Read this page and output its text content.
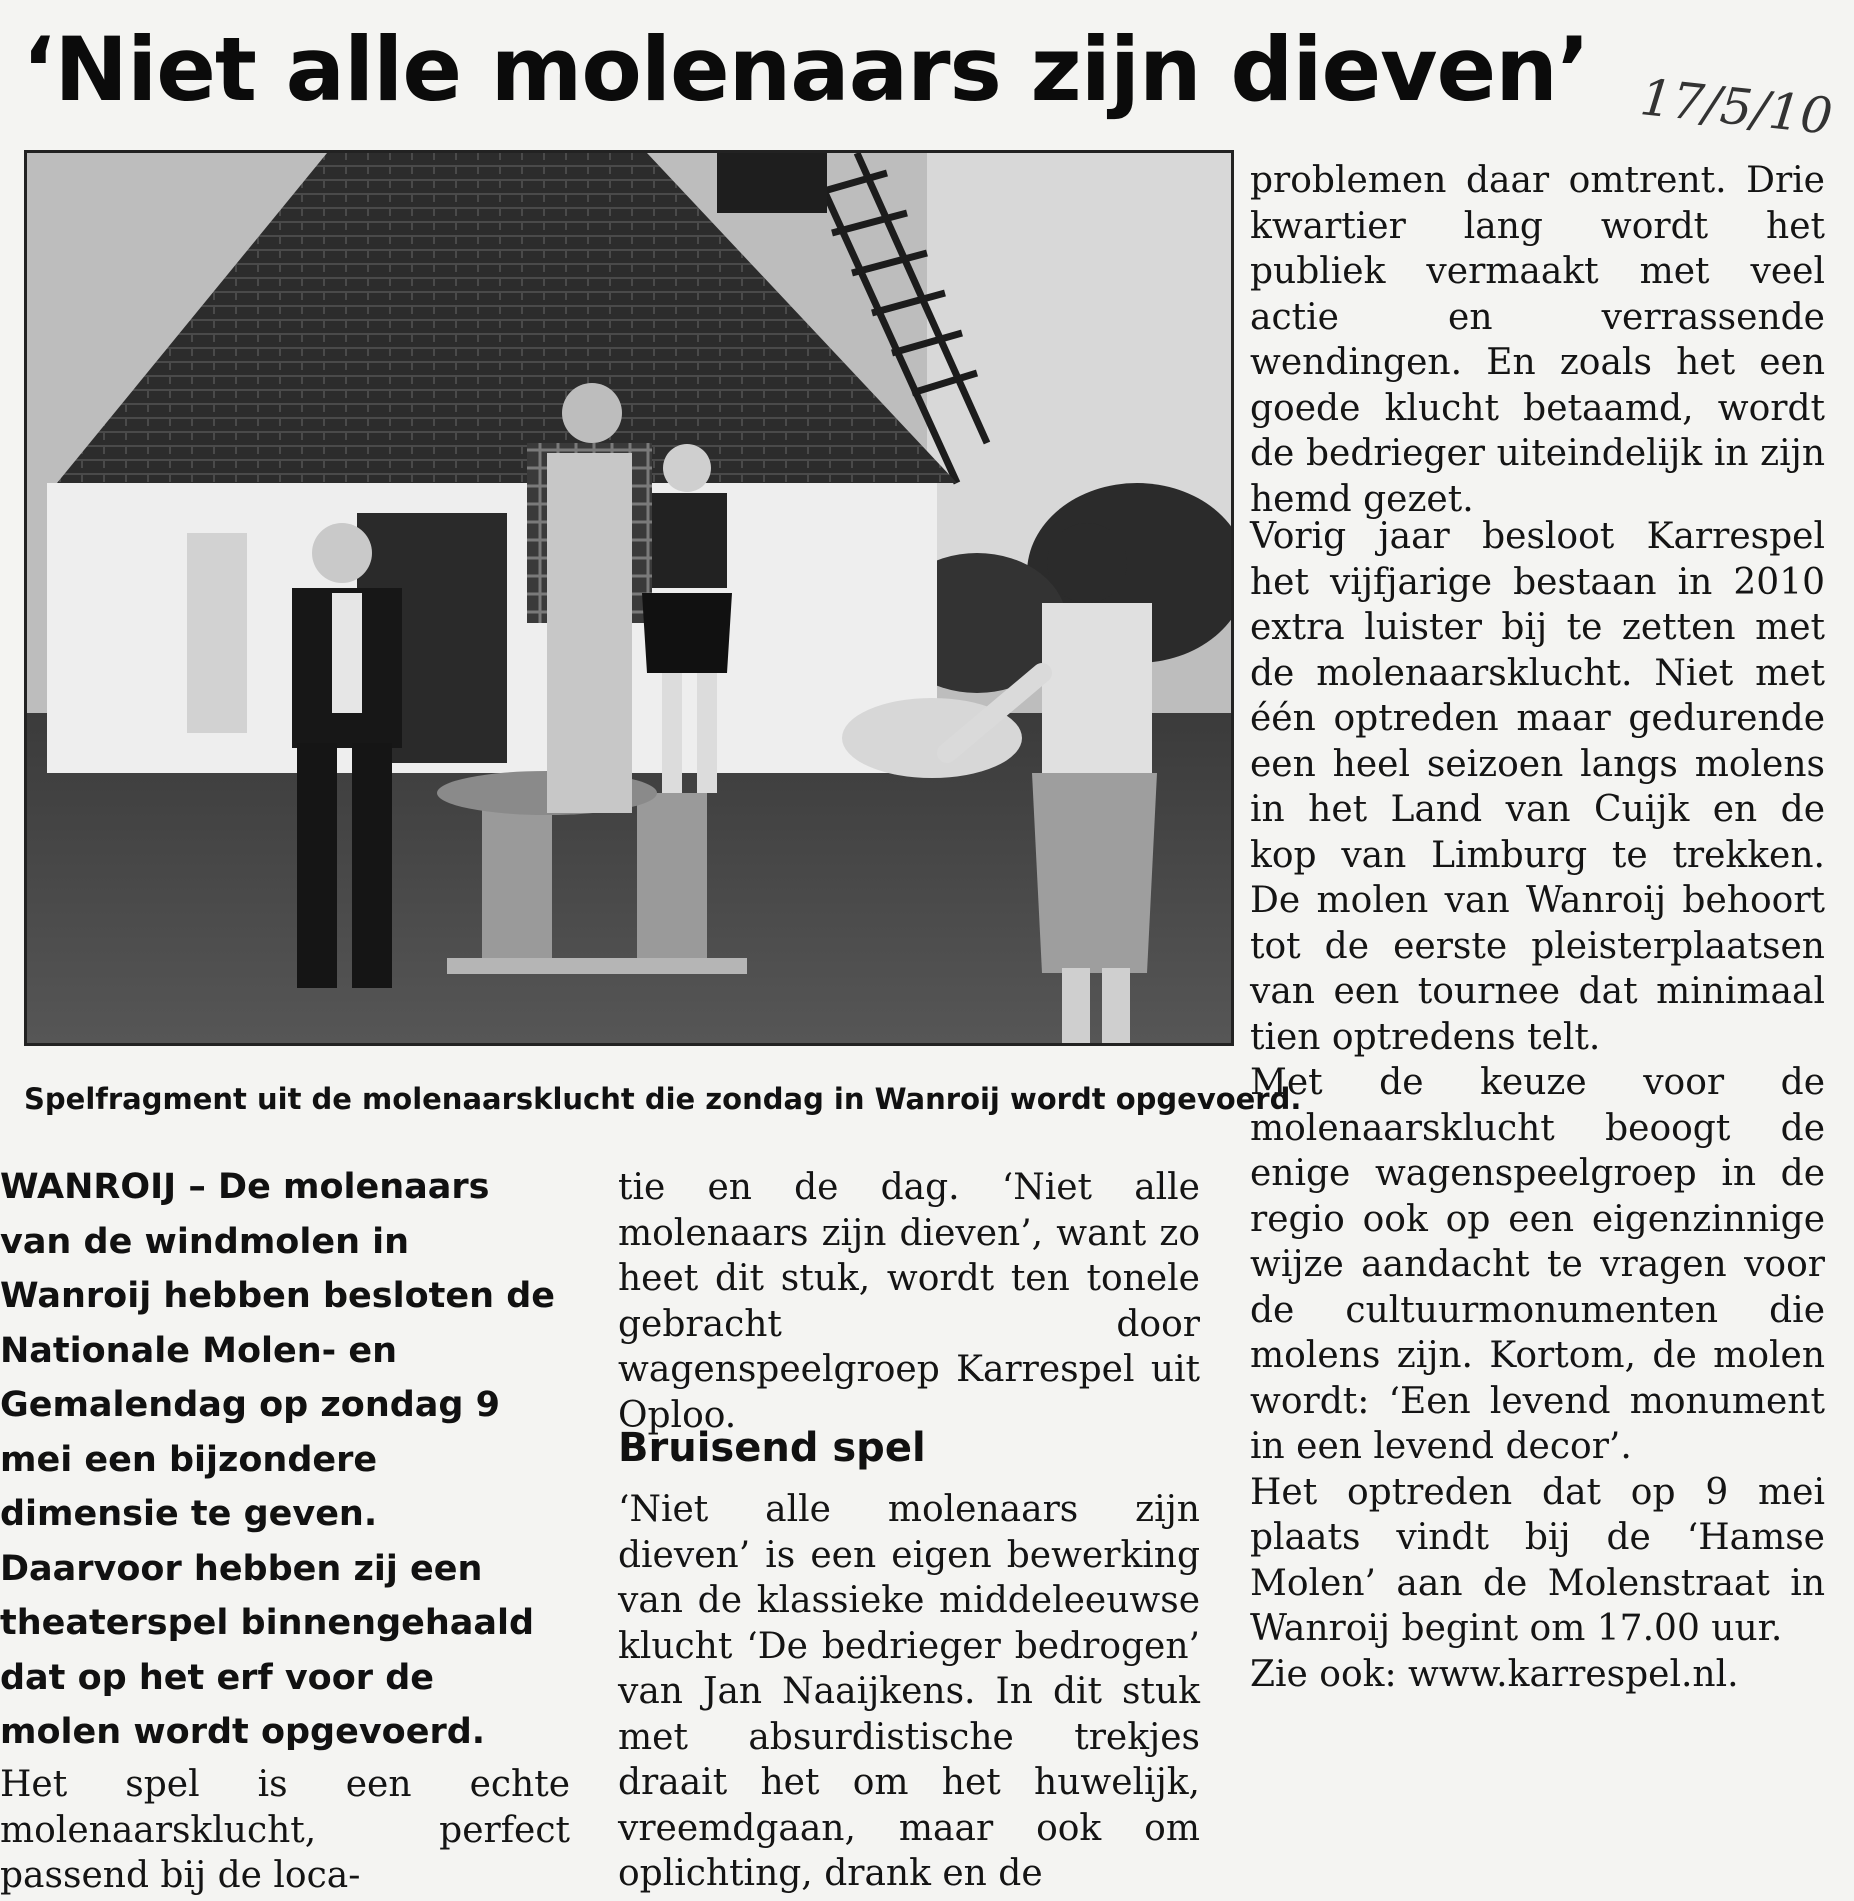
‘Niet alle molenaars zijn dieven’ 17/5/10

Spelfragment uit de molenaarsklucht die zondag in Wanroij wordt opgevoerd.

WANROIJ – De molenaars van de windmolen in Wanroij hebben besloten de Nationale Molen- en Gemalendag op zondag 9 mei een bijzondere dimensie te geven. Daarvoor hebben zij een theaterspel binnengehaald dat op het erf voor de molen wordt opgevoerd.

Het spel is een echte molenaarsklucht, perfect passend bij de loca-

tie en de dag. ‘Niet alle molenaars zijn dieven’, want zo heet dit stuk, wordt ten tonele gebracht door wagenspeelgroep Karrespel uit Oploo.

Bruisend spel

‘Niet alle molenaars zijn dieven’ is een eigen bewerking van de klassieke middeleeuwse klucht ‘De bedrieger bedrogen’ van Jan Naaijkens. In dit stuk met absurdistische trekjes draait het om het huwelijk, vreemdgaan, maar ook om oplichting, drank en de

problemen daar omtrent. Drie kwartier lang wordt het publiek vermaakt met veel actie en verrassende wendingen. En zoals het een goede klucht betaamd, wordt de bedrieger uiteindelijk in zijn hemd gezet.

Vorig jaar besloot Karrespel het vijfjarige bestaan in 2010 extra luister bij te zetten met de molenaarsklucht. Niet met één optreden maar gedurende een heel seizoen langs molens in het Land van Cuijk en de kop van Limburg te trekken. De molen van Wanroij behoort tot de eerste pleisterplaatsen van een tournee dat minimaal tien optredens telt.

Met de keuze voor de molenaarsklucht beoogt de enige wagenspeelgroep in de regio ook op een eigenzinnige wijze aandacht te vragen voor de cultuurmonumenten die molens zijn. Kortom, de molen wordt: ‘Een levend monument in een levend decor’.

Het optreden dat op 9 mei plaats vindt bij de ‘Hamse Molen’ aan de Molenstraat in Wanroij begint om 17.00 uur.

Zie ook: www.karrespel.nl.
